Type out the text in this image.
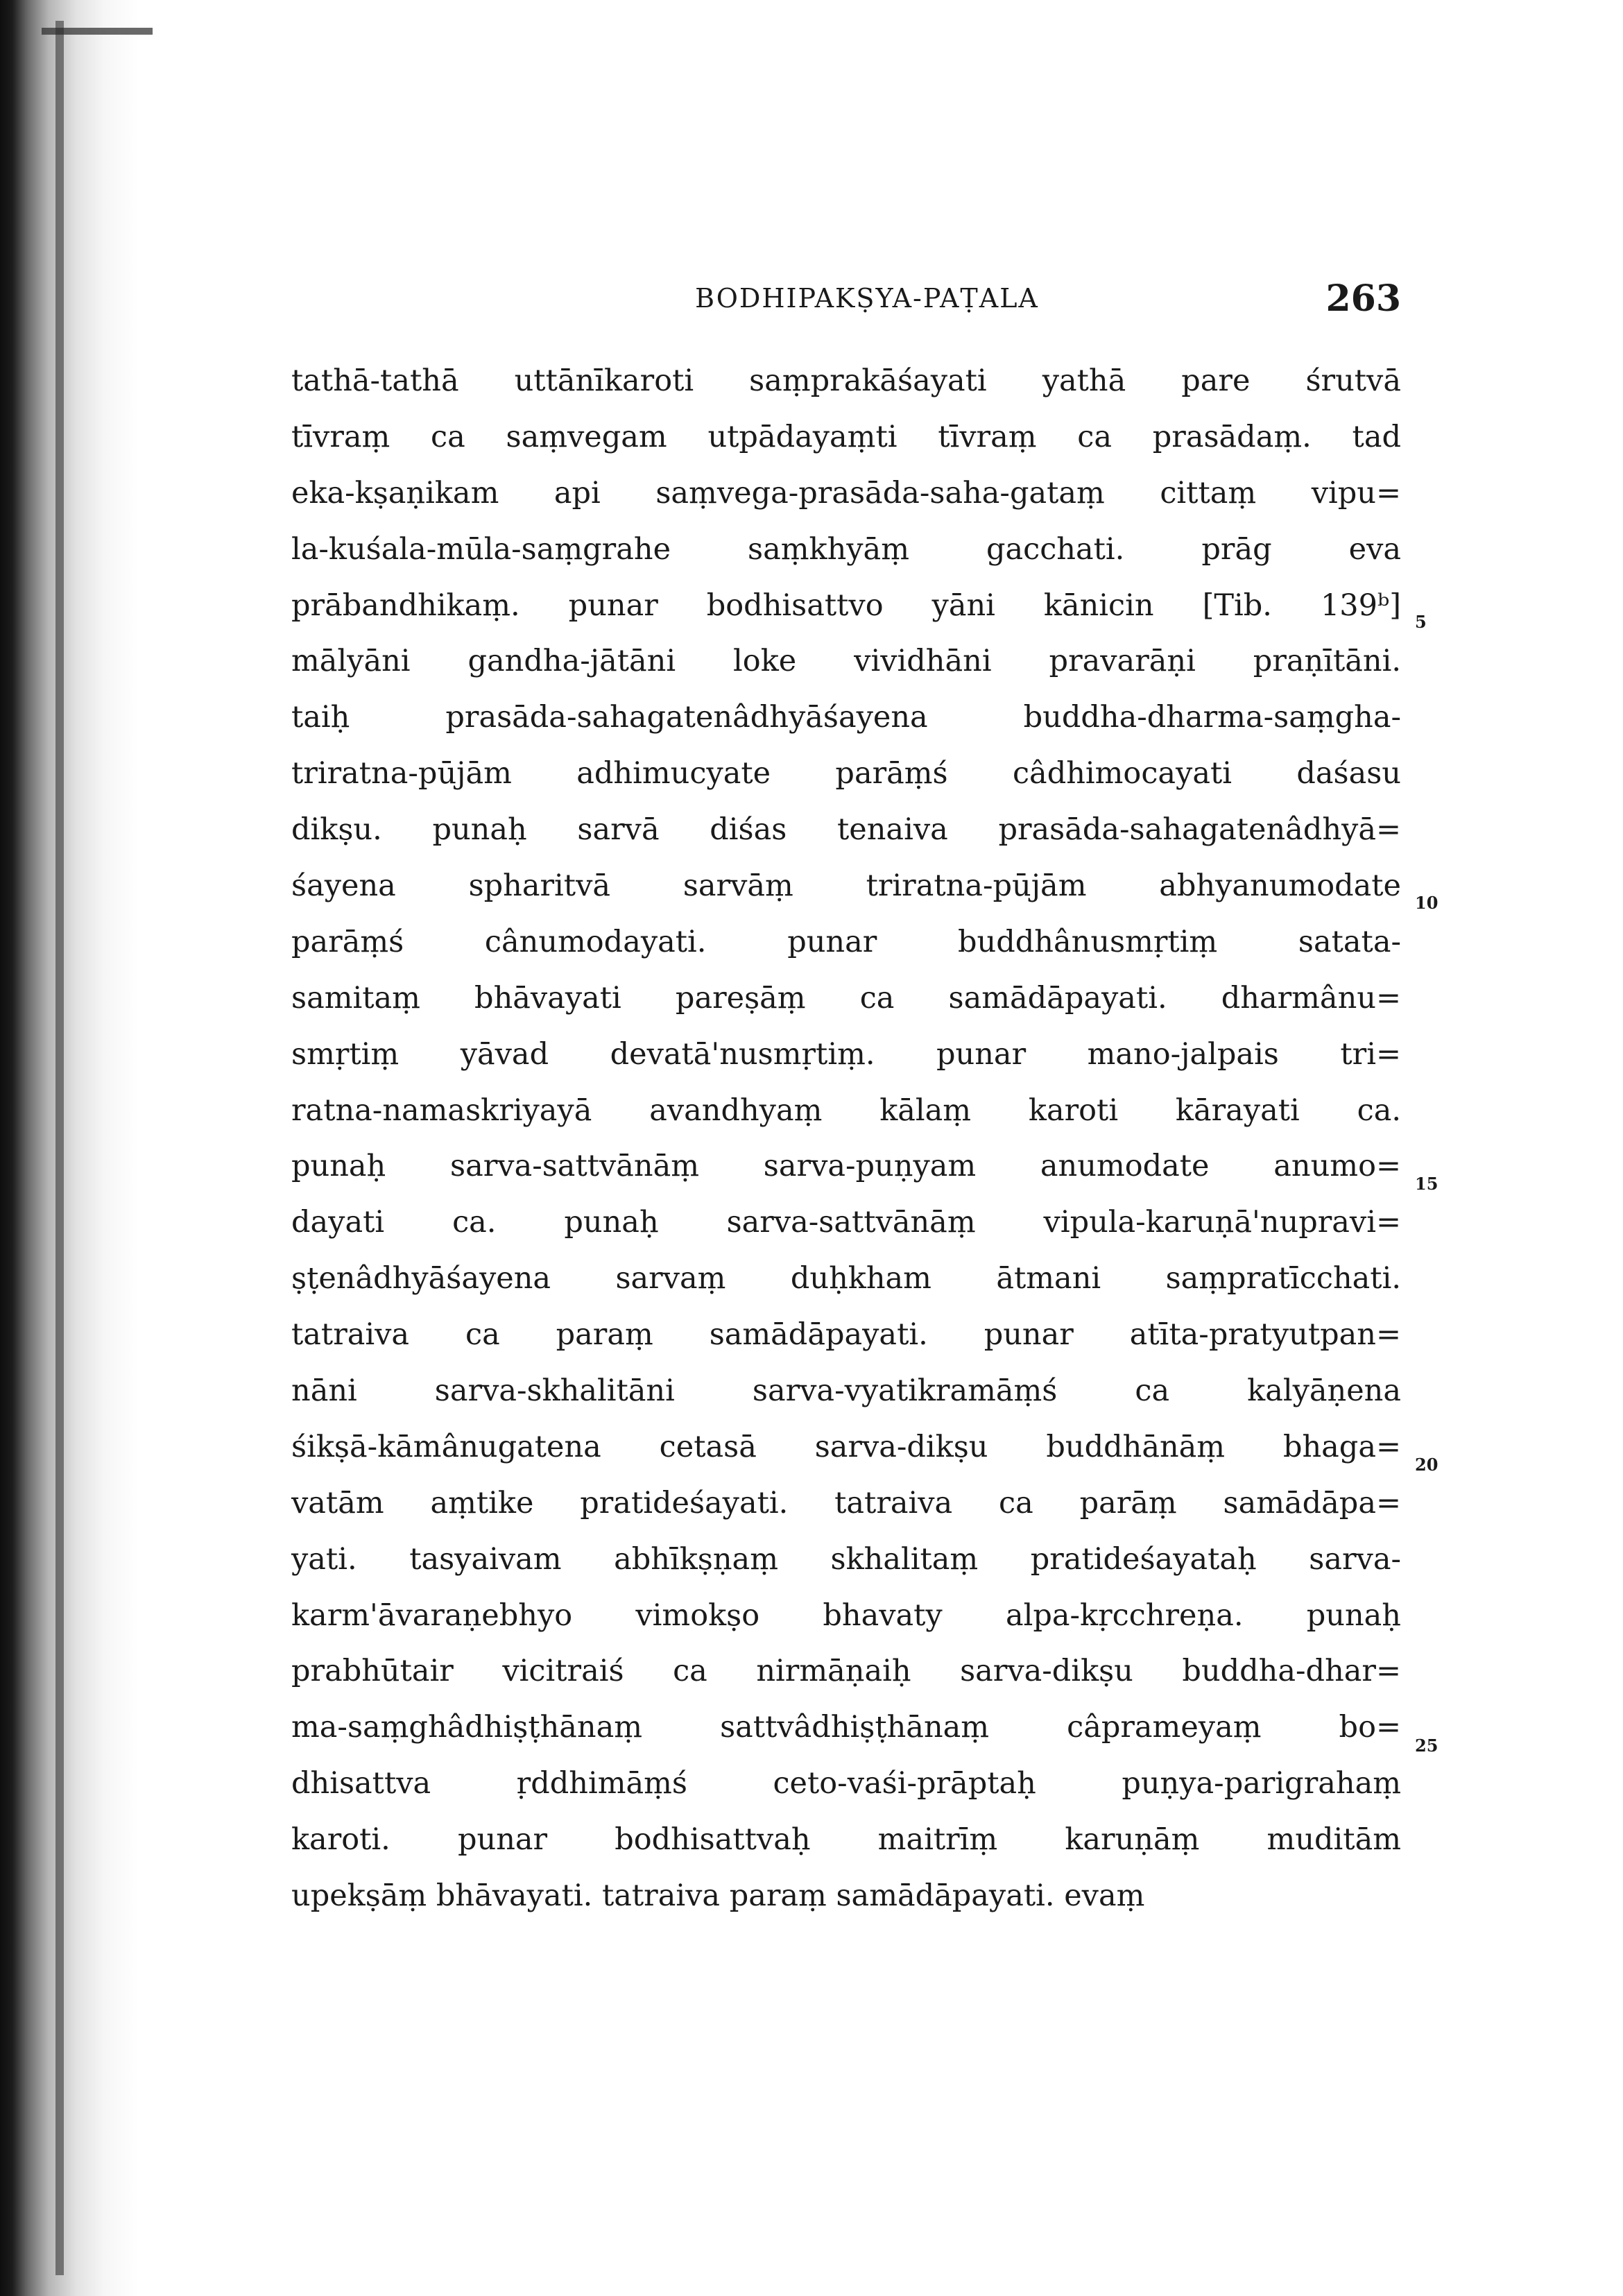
BODHIPAKṢYA-PAṬALA	263
tathā-tathā uttānīkaroti saṃprakāśayati yathā pare śrutvā
tīvraṃ ca saṃvegam utpādayaṃti tīvraṃ ca prasādaṃ. tad
eka-kṣaṇikam api saṃvega-prasāda-saha-gataṃ cittaṃ vipu=
la-kuśala-mūla-saṃgrahe saṃkhyāṃ gacchati. prāg eva
prābandhikaṃ. punar bodhisattvo yāni kānicin [Tib. 139ᵇ]
mālyāni gandha-jātāni loke vividhāni pravarāṇi praṇītāni.
taiḥ prasāda-sahagatenâdhyāśayena buddha-dharma-saṃgha-
triratna-pūjām adhimucyate parāṃś câdhimocayati daśasu
dikṣu. punaḥ sarvā diśas tenaiva prasāda-sahagatenâdhyā=
śayena spharitvā sarvāṃ triratna-pūjām abhyanumodate
parāṃś cânumodayati. punar buddhânusmṛtiṃ satata-
samitaṃ bhāvayati pareṣāṃ ca samādāpayati. dharmânu=
smṛtiṃ yāvad devatā'nusmṛtiṃ. punar mano-jalpais tri=
ratna-namaskriyayā avandhyaṃ kālaṃ karoti kārayati ca.
punaḥ sarva-sattvānāṃ sarva-puṇyam anumodate anumo=
dayati ca. punaḥ sarva-sattvānāṃ vipula-karuṇā'nupravi=
ṣṭenâdhyāśayena sarvaṃ duḥkham ātmani saṃpratīcchati.
tatraiva ca paraṃ samādāpayati. punar atīta-pratyutpan=
nāni sarva-skhalitāni sarva-vyatikramāṃś ca kalyāṇena
śikṣā-kāmânugatena cetasā sarva-dikṣu buddhānāṃ bhaga=
vatām aṃtike pratideśayati. tatraiva ca parāṃ samādāpa=
yati. tasyaivam abhīkṣṇaṃ skhalitaṃ pratideśayataḥ sarva-
karm'āvaraṇebhyo vimokṣo bhavaty alpa-kṛcchreṇa. punaḥ
prabhūtair vicitraiś ca nirmāṇaiḥ sarva-dikṣu buddha-dhar=
ma-saṃghâdhiṣṭhānaṃ sattvâdhiṣṭhānaṃ câprameyaṃ bo=
dhisattva ṛddhimāṃś ceto-vaśi-prāptaḥ puṇya-parigrahaṃ
karoti. punar bodhisattvaḥ maitrīṃ karuṇāṃ muditām
upekṣāṃ bhāvayati. tatraiva paraṃ samādāpayati. evaṃ
5
10
15
20
25
